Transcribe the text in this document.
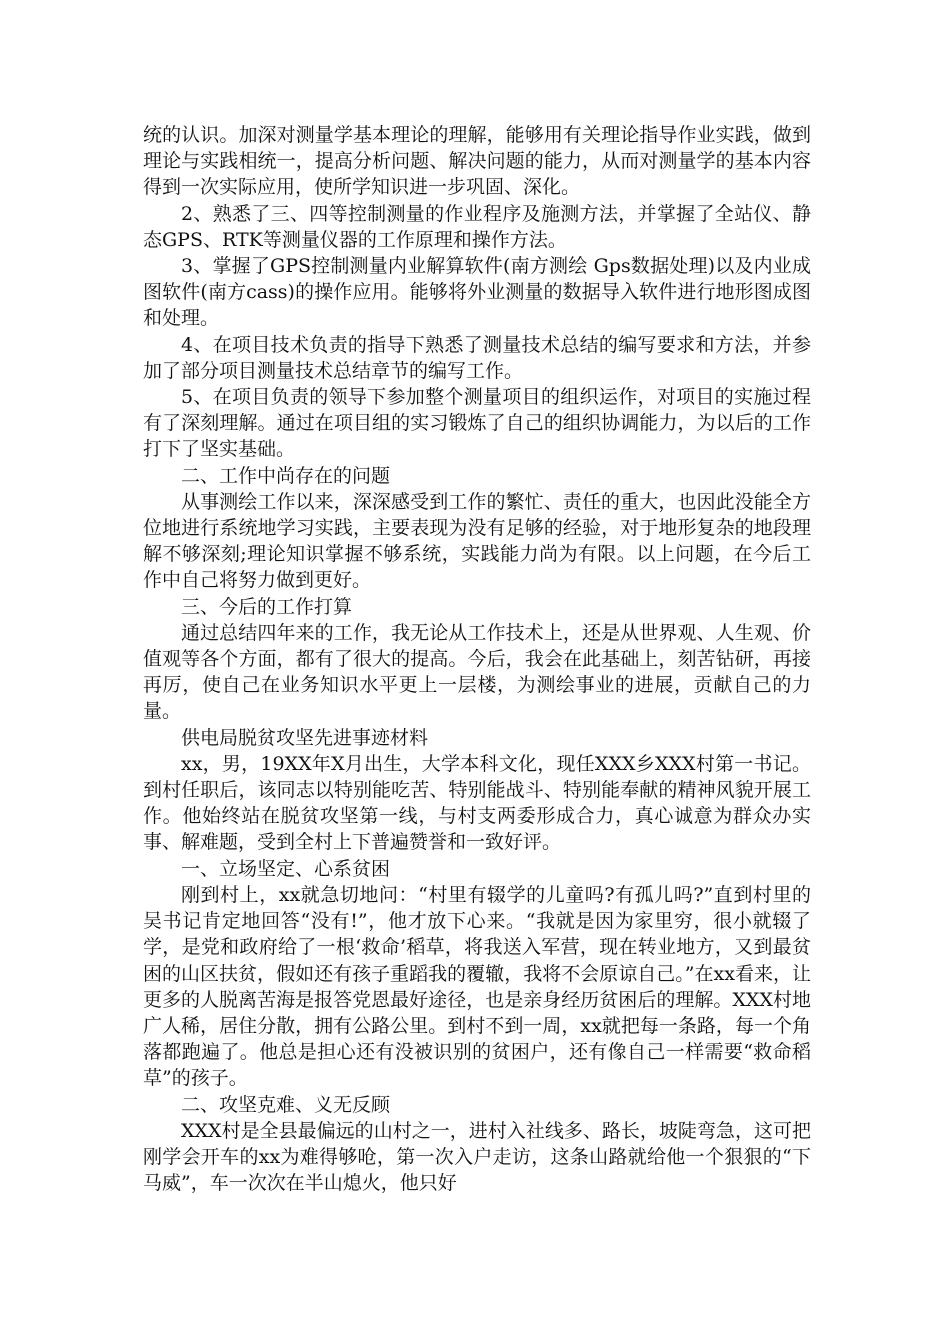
统的认识。加深对测量学基本理论的理解，能够用有关理论指导作业实践，做到理论与实践相统一，提高分析问题、解决问题的能力，从而对测量学的基本内容得到一次实际应用，使所学知识进一步巩固、深化。

2、熟悉了三、四等控制测量的作业程序及施测方法，并掌握了全站仪、静态GPS、RTK等测量仪器的工作原理和操作方法。

3、掌握了GPS控制测量内业解算软件(南方测绘 Gps数据处理)以及内业成图软件(南方cass)的操作应用。能够将外业测量的数据导入软件进行地形图成图和处理。

4、在项目技术负责的指导下熟悉了测量技术总结的编写要求和方法，并参加了部分项目测量技术总结章节的编写工作。

5、在项目负责的领导下参加整个测量项目的组织运作，对项目的实施过程有了深刻理解。通过在项目组的实习锻炼了自己的组织协调能力，为以后的工作打下了坚实基础。

二、工作中尚存在的问题

从事测绘工作以来，深深感受到工作的繁忙、责任的重大，也因此没能全方位地进行系统地学习实践，主要表现为没有足够的经验，对于地形复杂的地段理解不够深刻;理论知识掌握不够系统，实践能力尚为有限。以上问题，在今后工作中自己将努力做到更好。

三、今后的工作打算

通过总结四年来的工作，我无论从工作技术上，还是从世界观、人生观、价值观等各个方面，都有了很大的提高。今后，我会在此基础上，刻苦钻研，再接再厉，使自己在业务知识水平更上一层楼，为测绘事业的进展，贡献自己的力量。

供电局脱贫攻坚先进事迹材料

xx，男，19XX年X月出生，大学本科文化，现任XXX乡XXX村第一书记。到村任职后，该同志以特别能吃苦、特别能战斗、特别能奉献的精神风貌开展工作。他始终站在脱贫攻坚第一线，与村支两委形成合力，真心诚意为群众办实事、解难题，受到全村上下普遍赞誉和一致好评。

一、立场坚定、心系贫困

刚到村上，xx就急切地问：“村里有辍学的儿童吗?有孤儿吗?”直到村里的吴书记肯定地回答“没有!”，他才放下心来。“我就是因为家里穷，很小就辍了学，是党和政府给了一根‘救命’稻草，将我送入军营，现在转业地方，又到最贫困的山区扶贫，假如还有孩子重蹈我的覆辙，我将不会原谅自己。”在xx看来，让更多的人脱离苦海是报答党恩最好途径，也是亲身经历贫困后的理解。XXX村地广人稀，居住分散，拥有公路公里。到村不到一周，xx就把每一条路，每一个角落都跑遍了。他总是担心还有没被识别的贫困户，还有像自己一样需要“救命稻草”的孩子。

二、攻坚克难、义无反顾

XXX村是全县最偏远的山村之一，进村入社线多、路长，坡陡弯急，这可把刚学会开车的xx为难得够呛，第一次入户走访，这条山路就给他一个狠狠的“下马威”，车一次次在半山熄火，他只好
